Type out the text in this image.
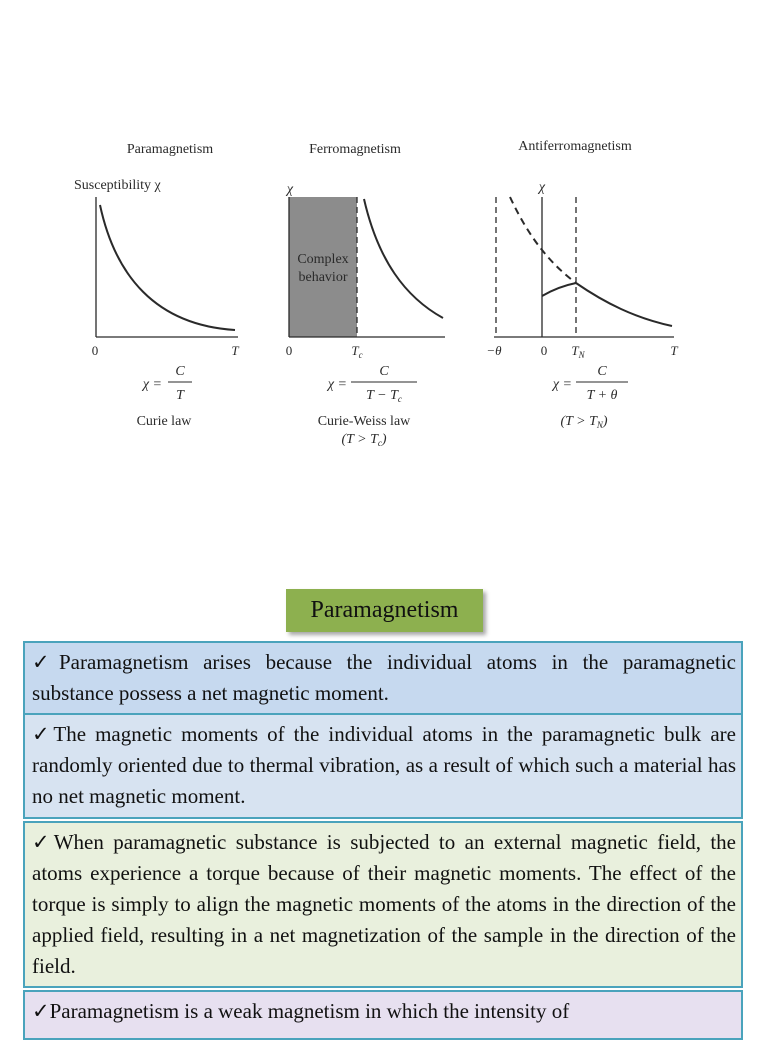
Paramagnetism
Susceptibility χ
0	T
χ =
C
T
Curie law
Ferromagnetism
χ
Complex
behavior
0	$T_c$
χ =
C
$T - T_c$
Curie-Weiss law
$(T > T_c)$
Antiferromagnetism
χ
−θ	0 $T_N$	T
χ =
C
T + θ
$(T > T_N)$
Paramagnetism
✓Paramagnetism arises because the individual atoms in the paramagnetic substance possess a net magnetic moment.
✓The magnetic moments of the individual atoms in the paramagnetic bulk are randomly oriented due to thermal vibration, as a result of which such a material has no net magnetic moment.
✓When paramagnetic substance is subjected to an external magnetic field, the atoms experience a torque because of their magnetic moments. The effect of the torque is simply to align the magnetic moments of the atoms in the direction of the applied field, resulting in a net magnetization of the sample in the direction of the field.
✓Paramagnetism is a weak magnetism in which the intensity of
